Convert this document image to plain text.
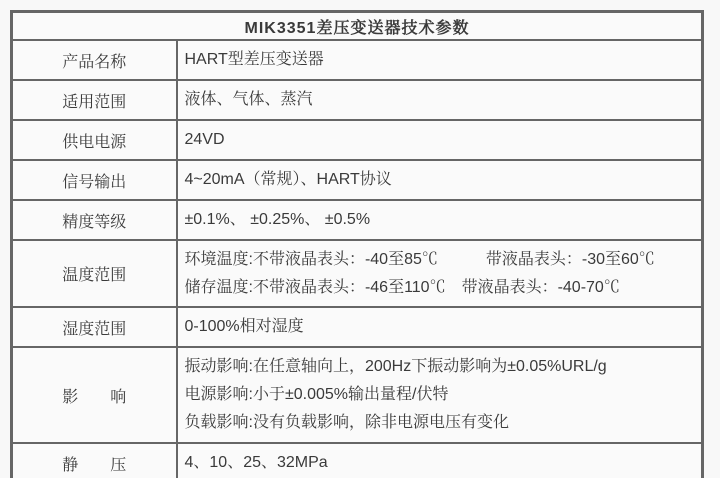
MIK3351差压变送器技术参数	
产品名称	HART型差压变送器

适用范围	液体、气体、蒸汽

供电电源	24VD

信号输出	4~20mA（常规）、HART协议

精度等级	±0.1%、 ±0.25%、 ±0.5%

温度范围	环境温度:不带液晶表头：-40至85℃　　　带液晶表头：-30至60℃
储存温度:不带液晶表头：-46至110℃　带液晶表头：-40-70℃

湿度范围	0-100%相对湿度

影　　响	振动影响:在任意轴向上，200Hz下振动影响为±0.05%URL/g
电源影响:小于±0.005%输出量程/伏特
负载影响:没有负载影响，除非电源电压有变化

静　　压	4、10、25、32MPa
